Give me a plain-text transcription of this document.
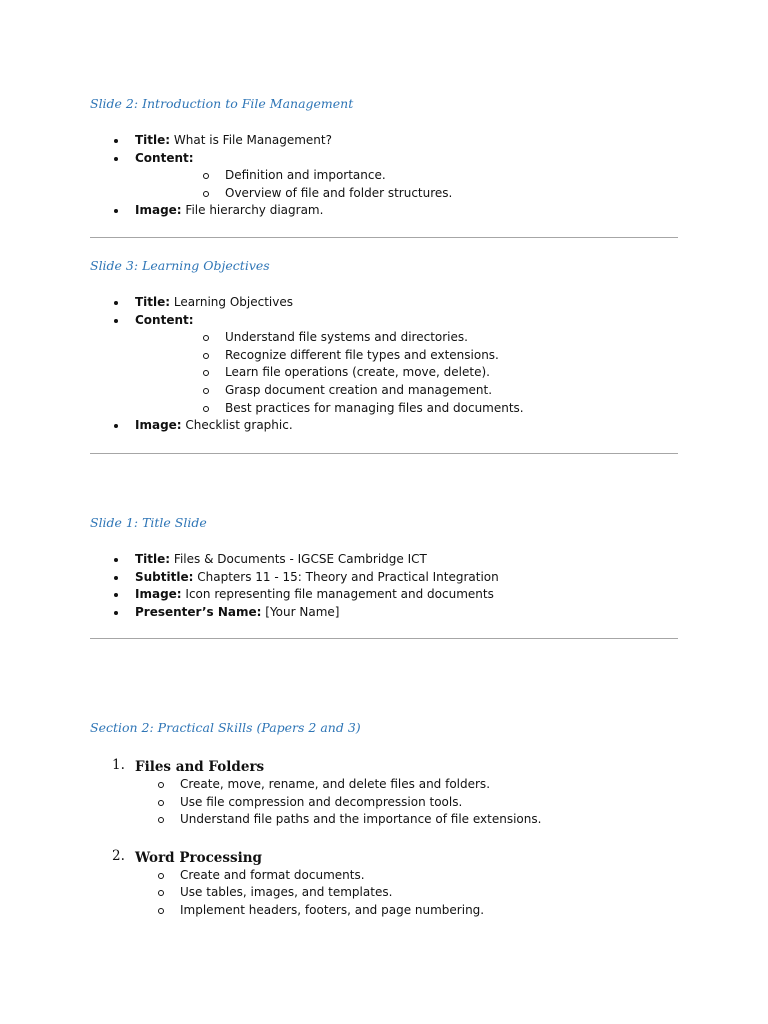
Slide 2: Introduction to File Management

Title: What is File Management?
Content:
Definition and importance.
Overview of file and folder structures.
Image: File hierarchy diagram.

Slide 3: Learning Objectives

Title: Learning Objectives
Content:
Understand file systems and directories.
Recognize different file types and extensions.
Learn file operations (create, move, delete).
Grasp document creation and management.
Best practices for managing files and documents.
Image: Checklist graphic.

Slide 1: Title Slide

Title: Files & Documents - IGCSE Cambridge ICT
Subtitle: Chapters 11 - 15: Theory and Practical Integration
Image: Icon representing file management and documents
Presenter’s Name: [Your Name]

Section 2: Practical Skills (Papers 2 and 3)

1. Files and Folders
Create, move, rename, and delete files and folders.
Use file compression and decompression tools.
Understand file paths and the importance of file extensions.
2. Word Processing
Create and format documents.
Use tables, images, and templates.
Implement headers, footers, and page numbering.
